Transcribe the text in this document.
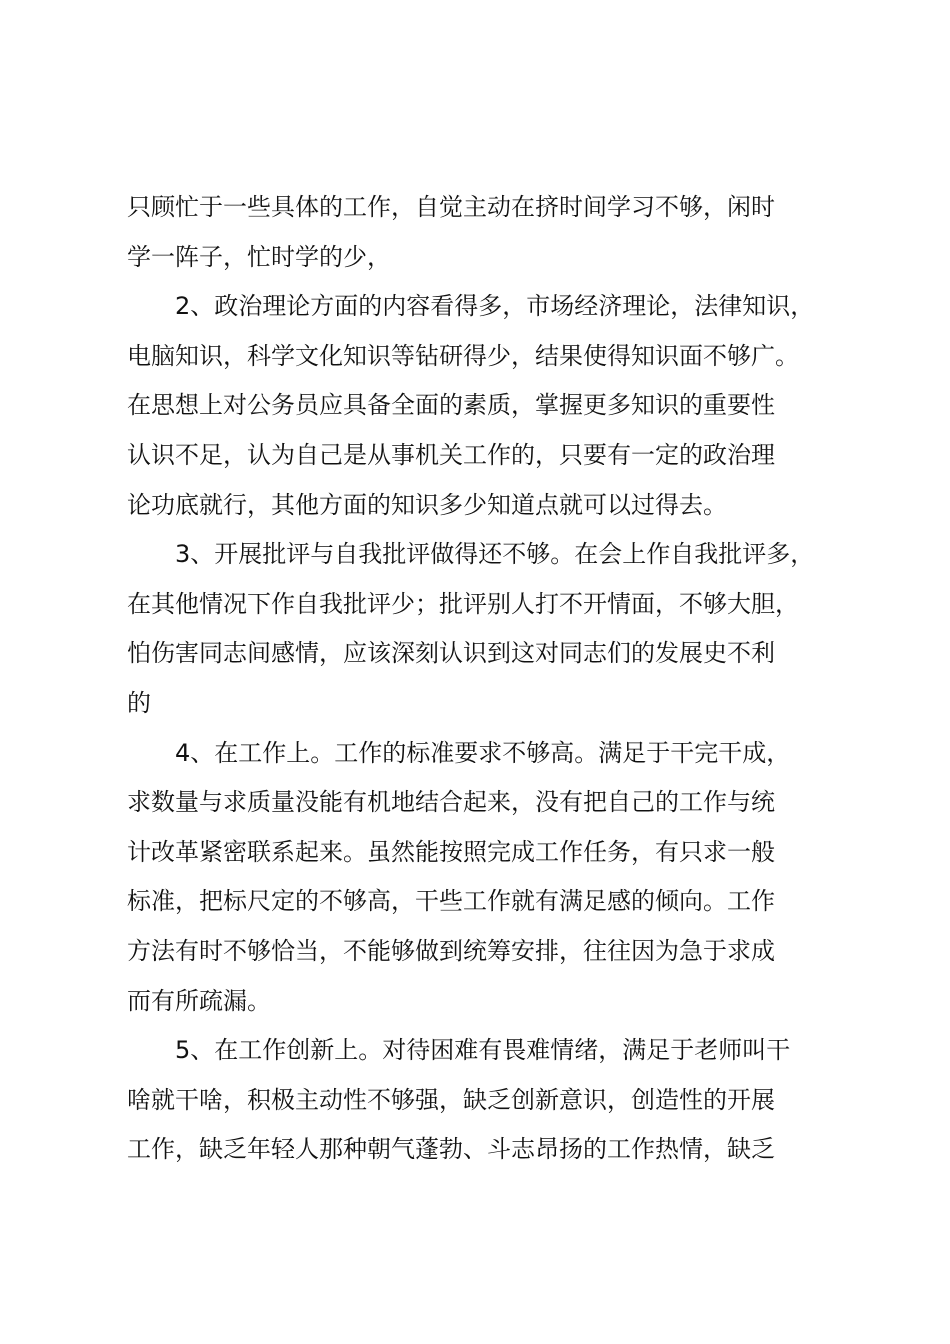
只顾忙于一些具体的工作，自觉主动在挤时间学习不够，闲时
学一阵子，忙时学的少，

2、政治理论方面的内容看得多，市场经济理论，法律知识，
电脑知识，科学文化知识等钻研得少，结果使得知识面不够广。
在思想上对公务员应具备全面的素质，掌握更多知识的重要性
认识不足，认为自己是从事机关工作的，只要有一定的政治理
论功底就行，其他方面的知识多少知道点就可以过得去。

3、开展批评与自我批评做得还不够。在会上作自我批评多，
在其他情况下作自我批评少；批评别人打不开情面，不够大胆，
怕伤害同志间感情，应该深刻认识到这对同志们的发展史不利
的

4、在工作上。工作的标准要求不够高。满足于干完干成，
求数量与求质量没能有机地结合起来，没有把自己的工作与统
计改革紧密联系起来。虽然能按照完成工作任务，有只求一般
标准，把标尺定的不够高，干些工作就有满足感的倾向。工作
方法有时不够恰当，不能够做到统筹安排，往往因为急于求成
而有所疏漏。

5、在工作创新上。对待困难有畏难情绪，满足于老师叫干
啥就干啥，积极主动性不够强，缺乏创新意识，创造性的开展
工作，缺乏年轻人那种朝气蓬勃、斗志昂扬的工作热情，缺乏
